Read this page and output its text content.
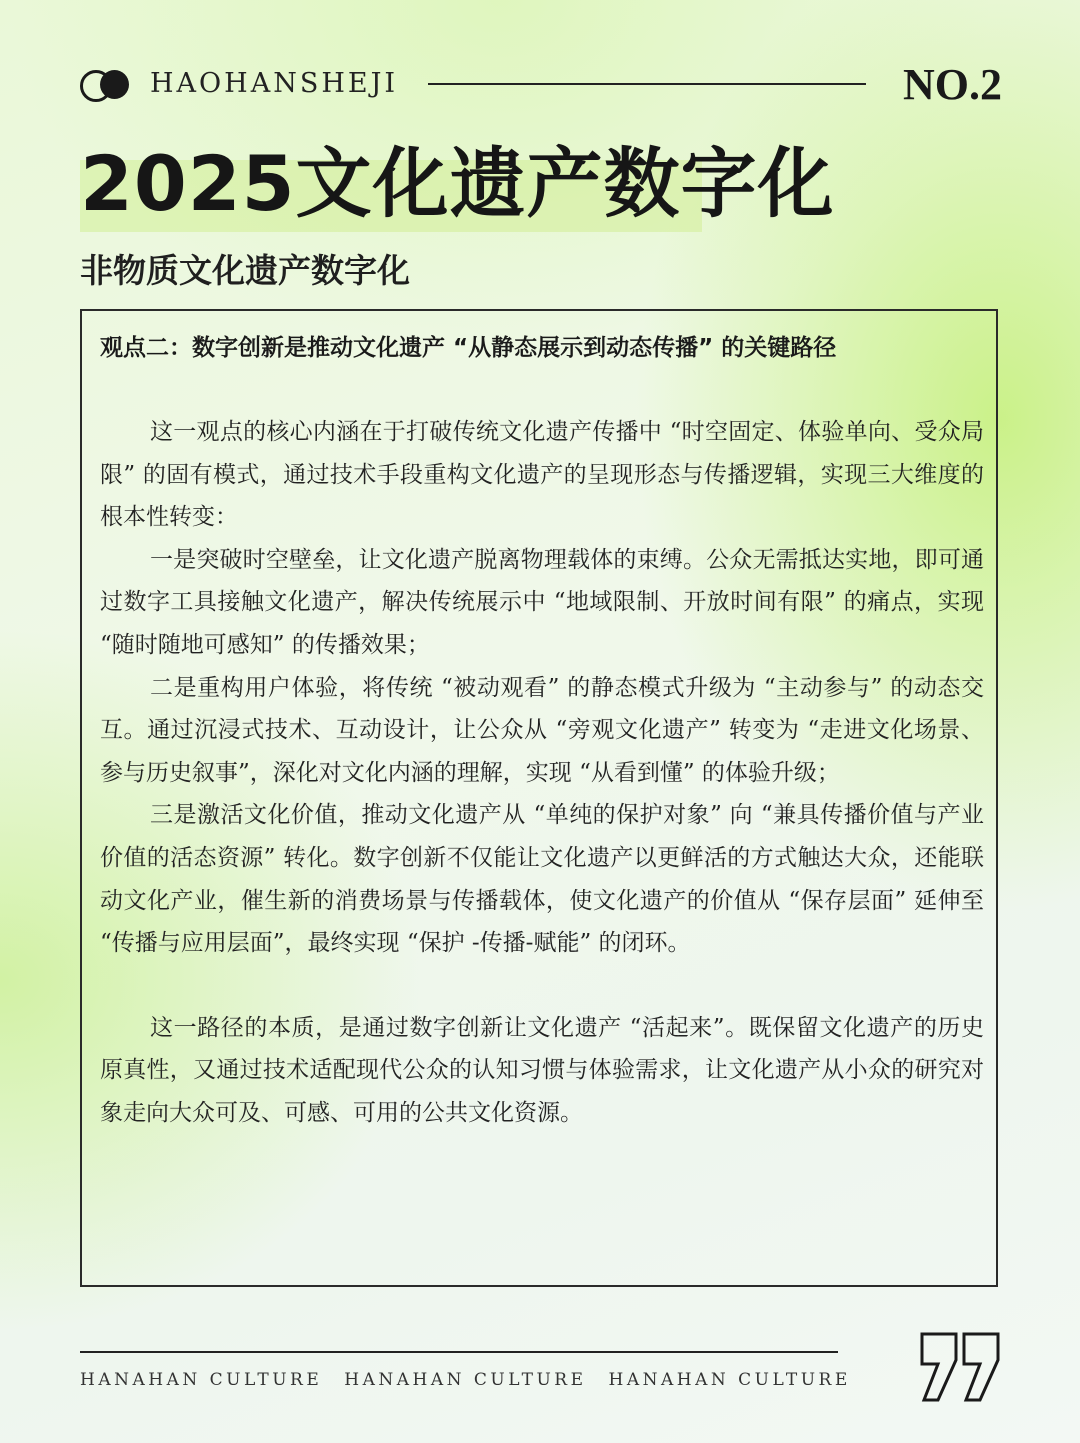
HAOHANSHEJI	NO.2
2025文化遗产数字化
非物质文化遗产数字化
观点二：数字创新是推动文化遗产 “从静态展示到动态传播” 的关键路径

这一观点的核心内涵在于打破传统文化遗产传播中 “时空固定、体验单向、受众局限” 的固有模式，通过技术手段重构文化遗产的呈现形态与传播逻辑，实现三大维度的根本性转变：

一是突破时空壁垒，让文化遗产脱离物理载体的束缚。公众无需抵达实地，即可通过数字工具接触文化遗产，解决传统展示中 “地域限制、开放时间有限” 的痛点，实现 “随时随地可感知” 的传播效果；

二是重构用户体验，将传统 “被动观看” 的静态模式升级为 “主动参与” 的动态交互。通过沉浸式技术、互动设计，让公众从 “旁观文化遗产” 转变为 “走进文化场景、参与历史叙事”，深化对文化内涵的理解，实现 “从看到懂” 的体验升级；

三是激活文化价值，推动文化遗产从 “单纯的保护对象” 向 “兼具传播价值与产业价值的活态资源” 转化。数字创新不仅能让文化遗产以更鲜活的方式触达大众，还能联动文化产业，催生新的消费场景与传播载体，使文化遗产的价值从 “保存层面” 延伸至 “传播与应用层面”，最终实现 “保护 -传播-赋能” 的闭环。

这一路径的本质，是通过数字创新让文化遗产 “活起来”。既保留文化遗产的历史原真性，又通过技术适配现代公众的认知习惯与体验需求，让文化遗产从小众的研究对象走向大众可及、可感、可用的公共文化资源。

HANAHAN CULTURE HANAHAN CULTURE HANAHAN CULTURE
